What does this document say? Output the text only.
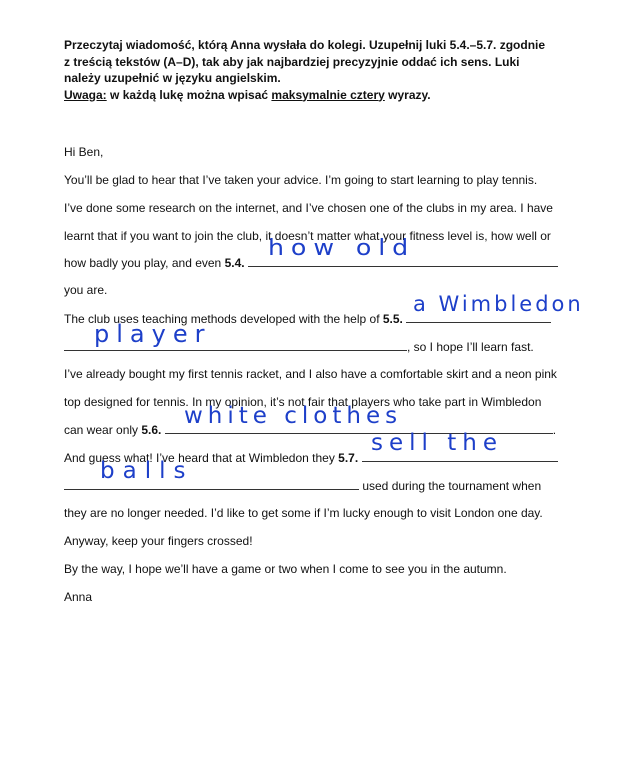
Przeczytaj wiadomość, którą Anna wysłała do kolegi. Uzupełnij luki 5.4.–5.7. zgodnie

z treścią tekstów (A–D), tak aby jak najbardziej precyzyjnie oddać ich sens. Luki

należy uzupełnić w języku angielskim.

Uwaga: w każdą lukę można wpisać maksymalnie cztery wyrazy.

Hi Ben,
You’ll be glad to hear that I’ve taken your advice. I’m going to start learning to play tennis.
I’ve done some research on the internet, and I’ve chosen one of the clubs in my area. I have
learnt that if you want to join the club, it doesn’t matter what your fitness level is, how well or
how badly you play, and even 5.4.
how old
you are.
The club uses teaching methods developed with the help of 5.5.
a Wimbledon
, so I hope I’ll learn fast.
player
I’ve already bought my first tennis racket, and I also have a comfortable skirt and a neon pink
top designed for tennis. In my opinion, it’s not fair that players who take part in Wimbledon
can wear only 5.6.	.
white clothes
And guess what! I’ve heard that at Wimbledon they 5.7.
sell the
used during the tournament when
balls
they are no longer needed. I’d like to get some if I’m lucky enough to visit London one day.
Anyway, keep your fingers crossed!
By the way, I hope we’ll have a game or two when I come to see you in the autumn.
Anna
